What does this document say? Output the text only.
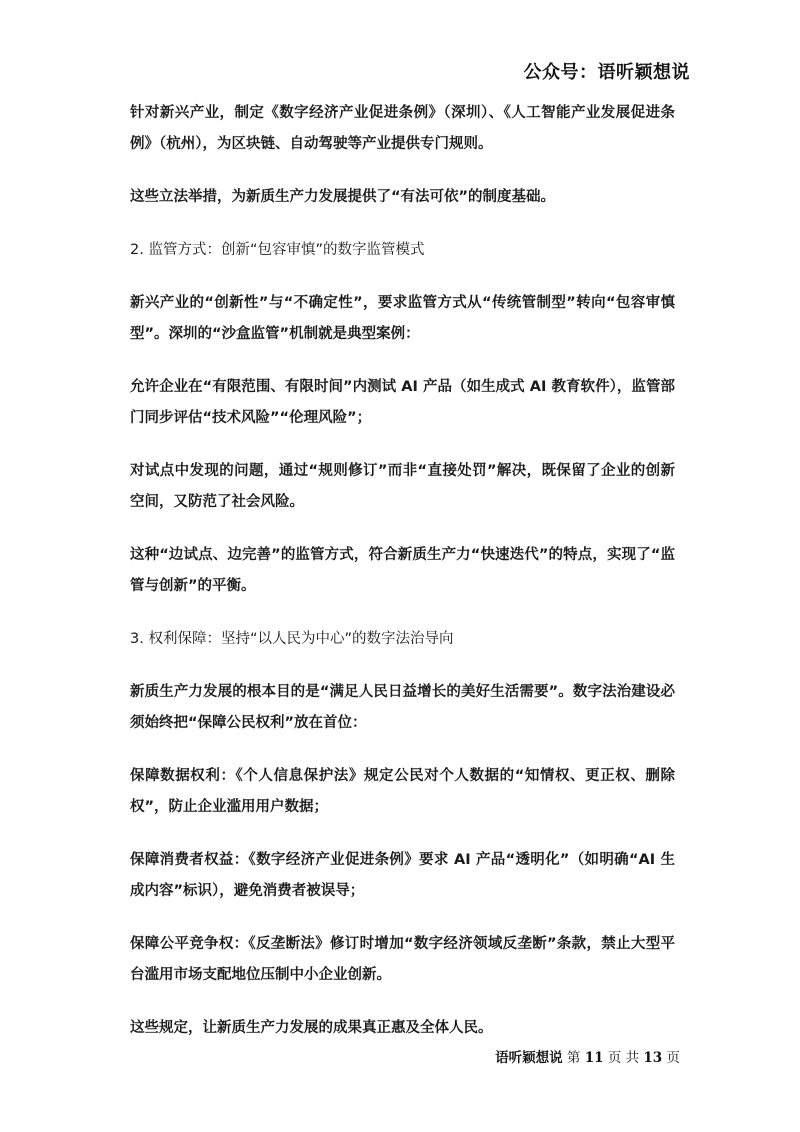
公众号：语听颖想说

针对新兴产业，制定《数字经济产业促进条例》（深圳）、《人工智能产业发展促进条例》（杭州），为区块链、自动驾驶等产业提供专门规则。

这些立法举措，为新质生产力发展提供了“有法可依”的制度基础。

2. 监管方式：创新“包容审慎”的数字监管模式

新兴产业的“创新性”与“不确定性”，要求监管方式从“传统管制型”转向“包容审慎型”。深圳的“沙盒监管”机制就是典型案例：

允许企业在“有限范围、有限时间”内测试 AI 产品（如生成式 AI 教育软件），监管部门同步评估“技术风险”“伦理风险”；

对试点中发现的问题，通过“规则修订”而非“直接处罚”解决，既保留了企业的创新空间，又防范了社会风险。

这种“边试点、边完善”的监管方式，符合新质生产力“快速迭代”的特点，实现了“监管与创新”的平衡。

3. 权利保障：坚持“以人民为中心”的数字法治导向

新质生产力发展的根本目的是“满足人民日益增长的美好生活需要”。数字法治建设必须始终把“保障公民权利”放在首位：

保障数据权利：《个人信息保护法》规定公民对个人数据的“知情权、更正权、删除权”，防止企业滥用用户数据；

保障消费者权益：《数字经济产业促进条例》要求 AI 产品“透明化”（如明确“AI 生成内容”标识），避免消费者被误导；

保障公平竞争权：《反垄断法》修订时增加“数字经济领域反垄断”条款，禁止大型平台滥用市场支配地位压制中小企业创新。

这些规定，让新质生产力发展的成果真正惠及全体人民。

语听颖想说 第 11 页 共 13 页
